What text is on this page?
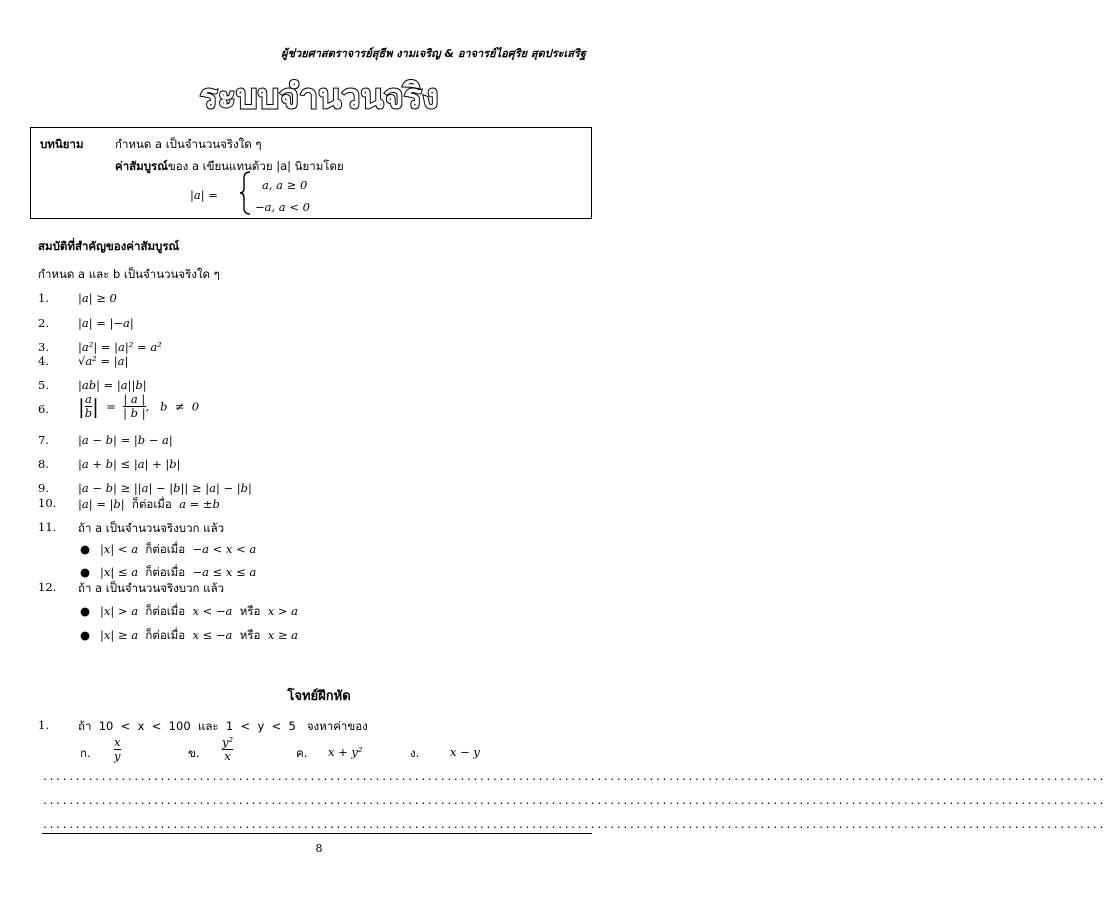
ผู้ช่วยศาสตราจารย์สุธีพ งามเจริญ & อาจารย์ไอศุริย สุดประเสริฐ
ระบบจำนวนจริง
บทนิยาม	กำหนด a เป็นจำนวนจริงใด ๆ
ค่าสัมบูรณ์ของ a เขียนแทนด้วย |a| นิยามโดย
|a| =
a, a ≥ 0
−a, a < 0
สมบัติที่สำคัญของค่าสัมบูรณ์
กำหนด a และ b เป็นจำนวนจริงใด ๆ
1.	|a| ≥ 0
2.	|a| = |−a|
3.	|a²| = |a|² = a²
4.	√a² = |a|
5.	|ab| = |a||b|
6. | $\frac{a}{b}$ |  = $\frac{| a |}{| b |}$ ,   b  ≠  0
7.	|a − b| = |b − a|
8.	|a + b| ≤ |a| + |b|
9.	|a − b| ≥ ||a| − |b|| ≥ |a| − |b|
10. |a| = |b|  ก็ต่อเมื่อ  a = ±b
11. ถ้า a เป็นจำนวนจริงบวก แล้ว
● |x| < a  ก็ต่อเมื่อ  −a < x < a
● |x| ≤ a  ก็ต่อเมื่อ  −a ≤ x ≤ a
12. ถ้า a เป็นจำนวนจริงบวก แล้ว
● |x| > a  ก็ต่อเมื่อ  x < −a  หรือ  x > a
● |x| ≥ a  ก็ต่อเมื่อ  x ≤ −a  หรือ  x ≥ a
โจทย์ฝึกหัด
1.	ถ้า  10  <  x  <  100  และ  1  <  y  <  5   จงหาค่าของ
ก. $\frac{x}{y}$	ข. $\frac{\text{y²}}{x}$	ค. x + y²	ง.	x − y
...................................................................................................................................................................
...................................................................................................................................................................
...................................................................................................................................................................
8
